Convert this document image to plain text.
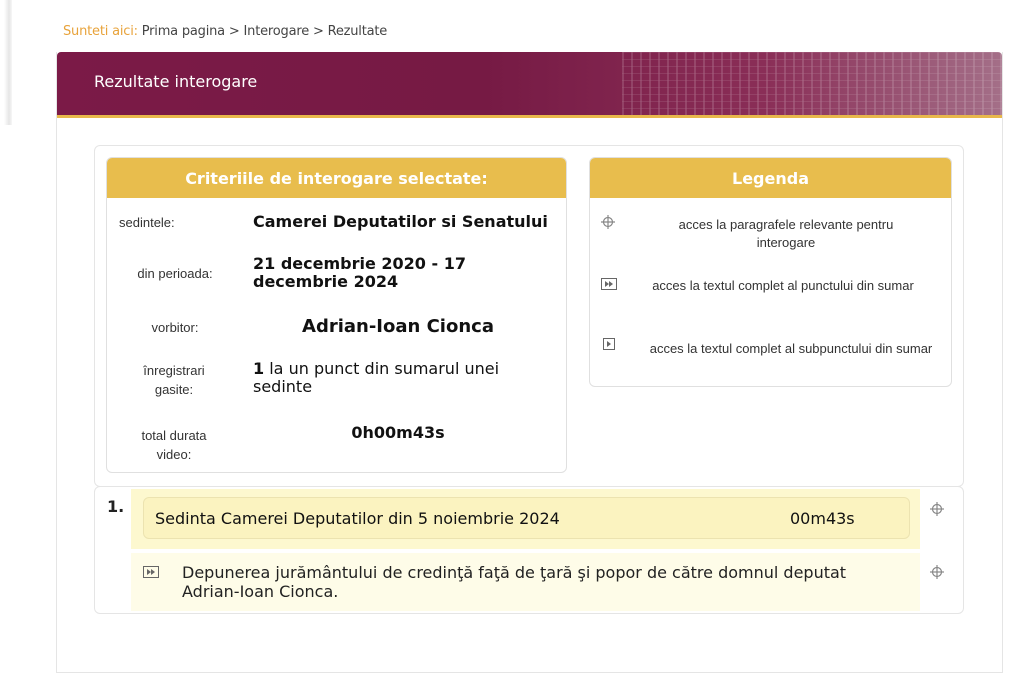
Sunteti aici: Prima pagina > Interogare > Rezultate
Rezultate interogare
Criteriile de interogare selectate:
sedintele:	Camerei Deputatilor si Senatului
din perioada:
21 decembrie 2020 - 17 decembrie 2024
vorbitor:	Adrian-Ioan Cionca
înregistrari gasite:
1 la un punct din sumarul unei sedinte
total durata video:
0h00m43s
Legenda
acces la paragrafele relevante pentru interogare
acces la textul complet al punctului din sumar
acces la textul complet al subpunctului din sumar
1.
Sedinta Camerei Deputatilor din 5 noiembrie 2024	00m43s
Depunerea jurământului de credinţă faţă de ţară şi popor de către domnul deputat Adrian-Ioan Cionca.
